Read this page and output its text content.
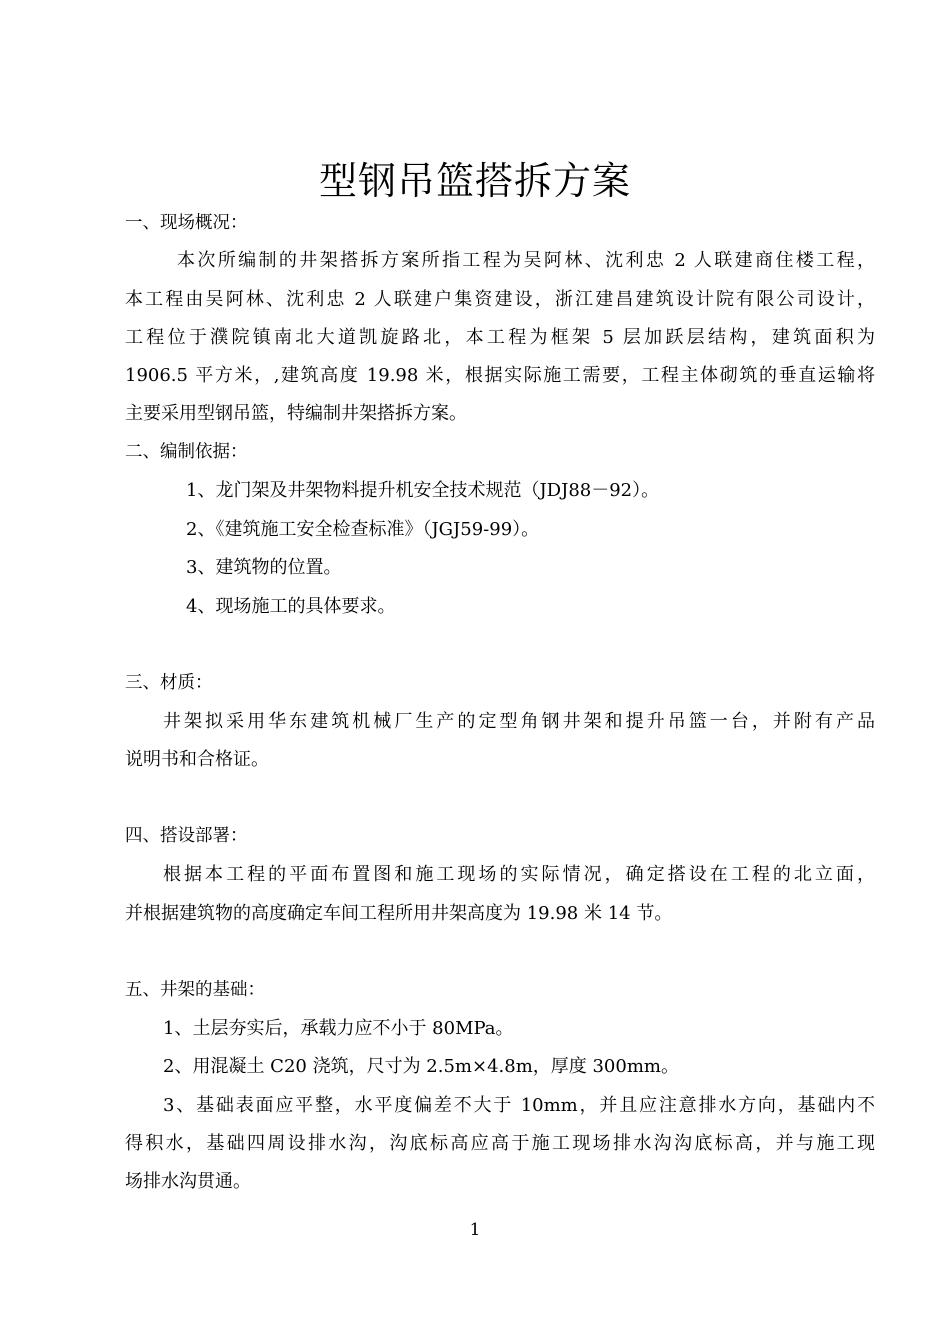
型钢吊篮搭拆方案
一、现场概况：
本次所编制的井架搭拆方案所指工程为吴阿林、沈利忠 2 人联建商住楼工程，
本工程由吴阿林、沈利忠 2 人联建户集资建设，浙江建昌建筑设计院有限公司设计，
工程位于濮院镇南北大道凯旋路北，本工程为框架 5 层加跃层结构，建筑面积为
1906.5 平方米，,建筑高度 19.98 米，根据实际施工需要，工程主体砌筑的垂直运输将
主要采用型钢吊篮，特编制井架搭拆方案。
二、编制依据：
1、龙门架及井架物料提升机安全技术规范（JDJ88－92）。
2、《建筑施工安全检查标准》（JGJ59-99）。
3、建筑物的位置。
4、现场施工的具体要求。
三、材质：
井架拟采用华东建筑机械厂生产的定型角钢井架和提升吊篮一台，并附有产品
说明书和合格证。
四、搭设部署：
根据本工程的平面布置图和施工现场的实际情况，确定搭设在工程的北立面，
并根据建筑物的高度确定车间工程所用井架高度为 19.98 米 14 节。
五、井架的基础：
1、土层夯实后，承载力应不小于 80MPa。
2、用混凝土 C20 浇筑，尺寸为 2.5m×4.8m，厚度 300mm。
3、基础表面应平整，水平度偏差不大于 10mm，并且应注意排水方向，基础内不
得积水，基础四周设排水沟，沟底标高应高于施工现场排水沟沟底标高，并与施工现
场排水沟贯通。
1
